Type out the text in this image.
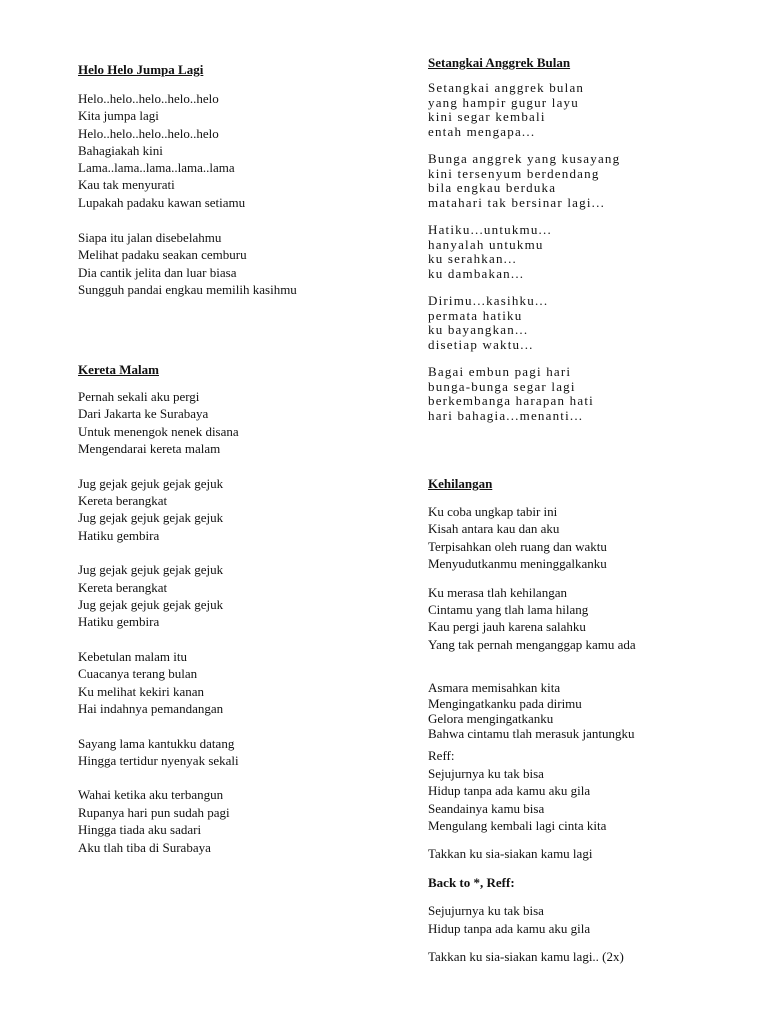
Helo Helo Jumpa Lagi
Helo..helo..helo..helo..helo
Kita jumpa lagi
Helo..helo..helo..helo..helo
Bahagiakah kini
Lama..lama..lama..lama..lama
Kau tak menyurati
Lupakah padaku kawan setiamu
Siapa itu jalan disebelahmu
Melihat padaku seakan cemburu
Dia cantik jelita dan luar biasa
Sungguh pandai engkau memilih kasihmu
Kereta Malam
Pernah sekali aku pergi
Dari Jakarta ke Surabaya
Untuk menengok nenek disana
Mengendarai kereta malam
Jug gejak gejuk gejak gejuk
Kereta berangkat
Jug gejak gejuk gejak gejuk
Hatiku gembira
Jug gejak gejuk gejak gejuk
Kereta berangkat
Jug gejak gejuk gejak gejuk
Hatiku gembira
Kebetulan malam itu
Cuacanya terang bulan
Ku melihat kekiri kanan
Hai indahnya pemandangan
Sayang lama kantukku datang
Hingga tertidur nyenyak sekali
Wahai ketika aku terbangun
Rupanya hari pun sudah pagi
Hingga tiada aku sadari
Aku tlah tiba di Surabaya
Setangkai Anggrek Bulan
Setangkai anggrek bulan
yang hampir gugur layu
kini segar kembali
entah mengapa...
Bunga anggrek yang kusayang
kini tersenyum berdendang
bila engkau berduka
matahari tak bersinar lagi...
Hatiku...untukmu...
hanyalah untukmu
ku serahkan...
ku dambakan...
Dirimu...kasihku...
permata hatiku
ku bayangkan...
disetiap waktu...
Bagai embun pagi hari
bunga-bunga segar lagi
berkembanga harapan hati
hari bahagia...menanti...
Kehilangan
Ku coba ungkap tabir ini
Kisah antara kau dan aku
Terpisahkan oleh ruang dan waktu
Menyudutkanmu meninggalkanku
Ku merasa tlah kehilangan
Cintamu yang tlah lama hilang
Kau pergi jauh karena salahku
Yang tak pernah menganggap kamu ada
Asmara memisahkan kita
Mengingatkanku pada dirimu
Gelora mengingatkanku
Bahwa cintamu tlah merasuk jantungku
Reff:
Sejujurnya ku tak bisa
Hidup tanpa ada kamu aku gila
Seandainya kamu bisa
Mengulang kembali lagi cinta kita
Takkan ku sia-siakan kamu lagi
Back to *, Reff:
Sejujurnya ku tak bisa
Hidup tanpa ada kamu aku gila
Takkan ku sia-siakan kamu lagi.. (2x)
